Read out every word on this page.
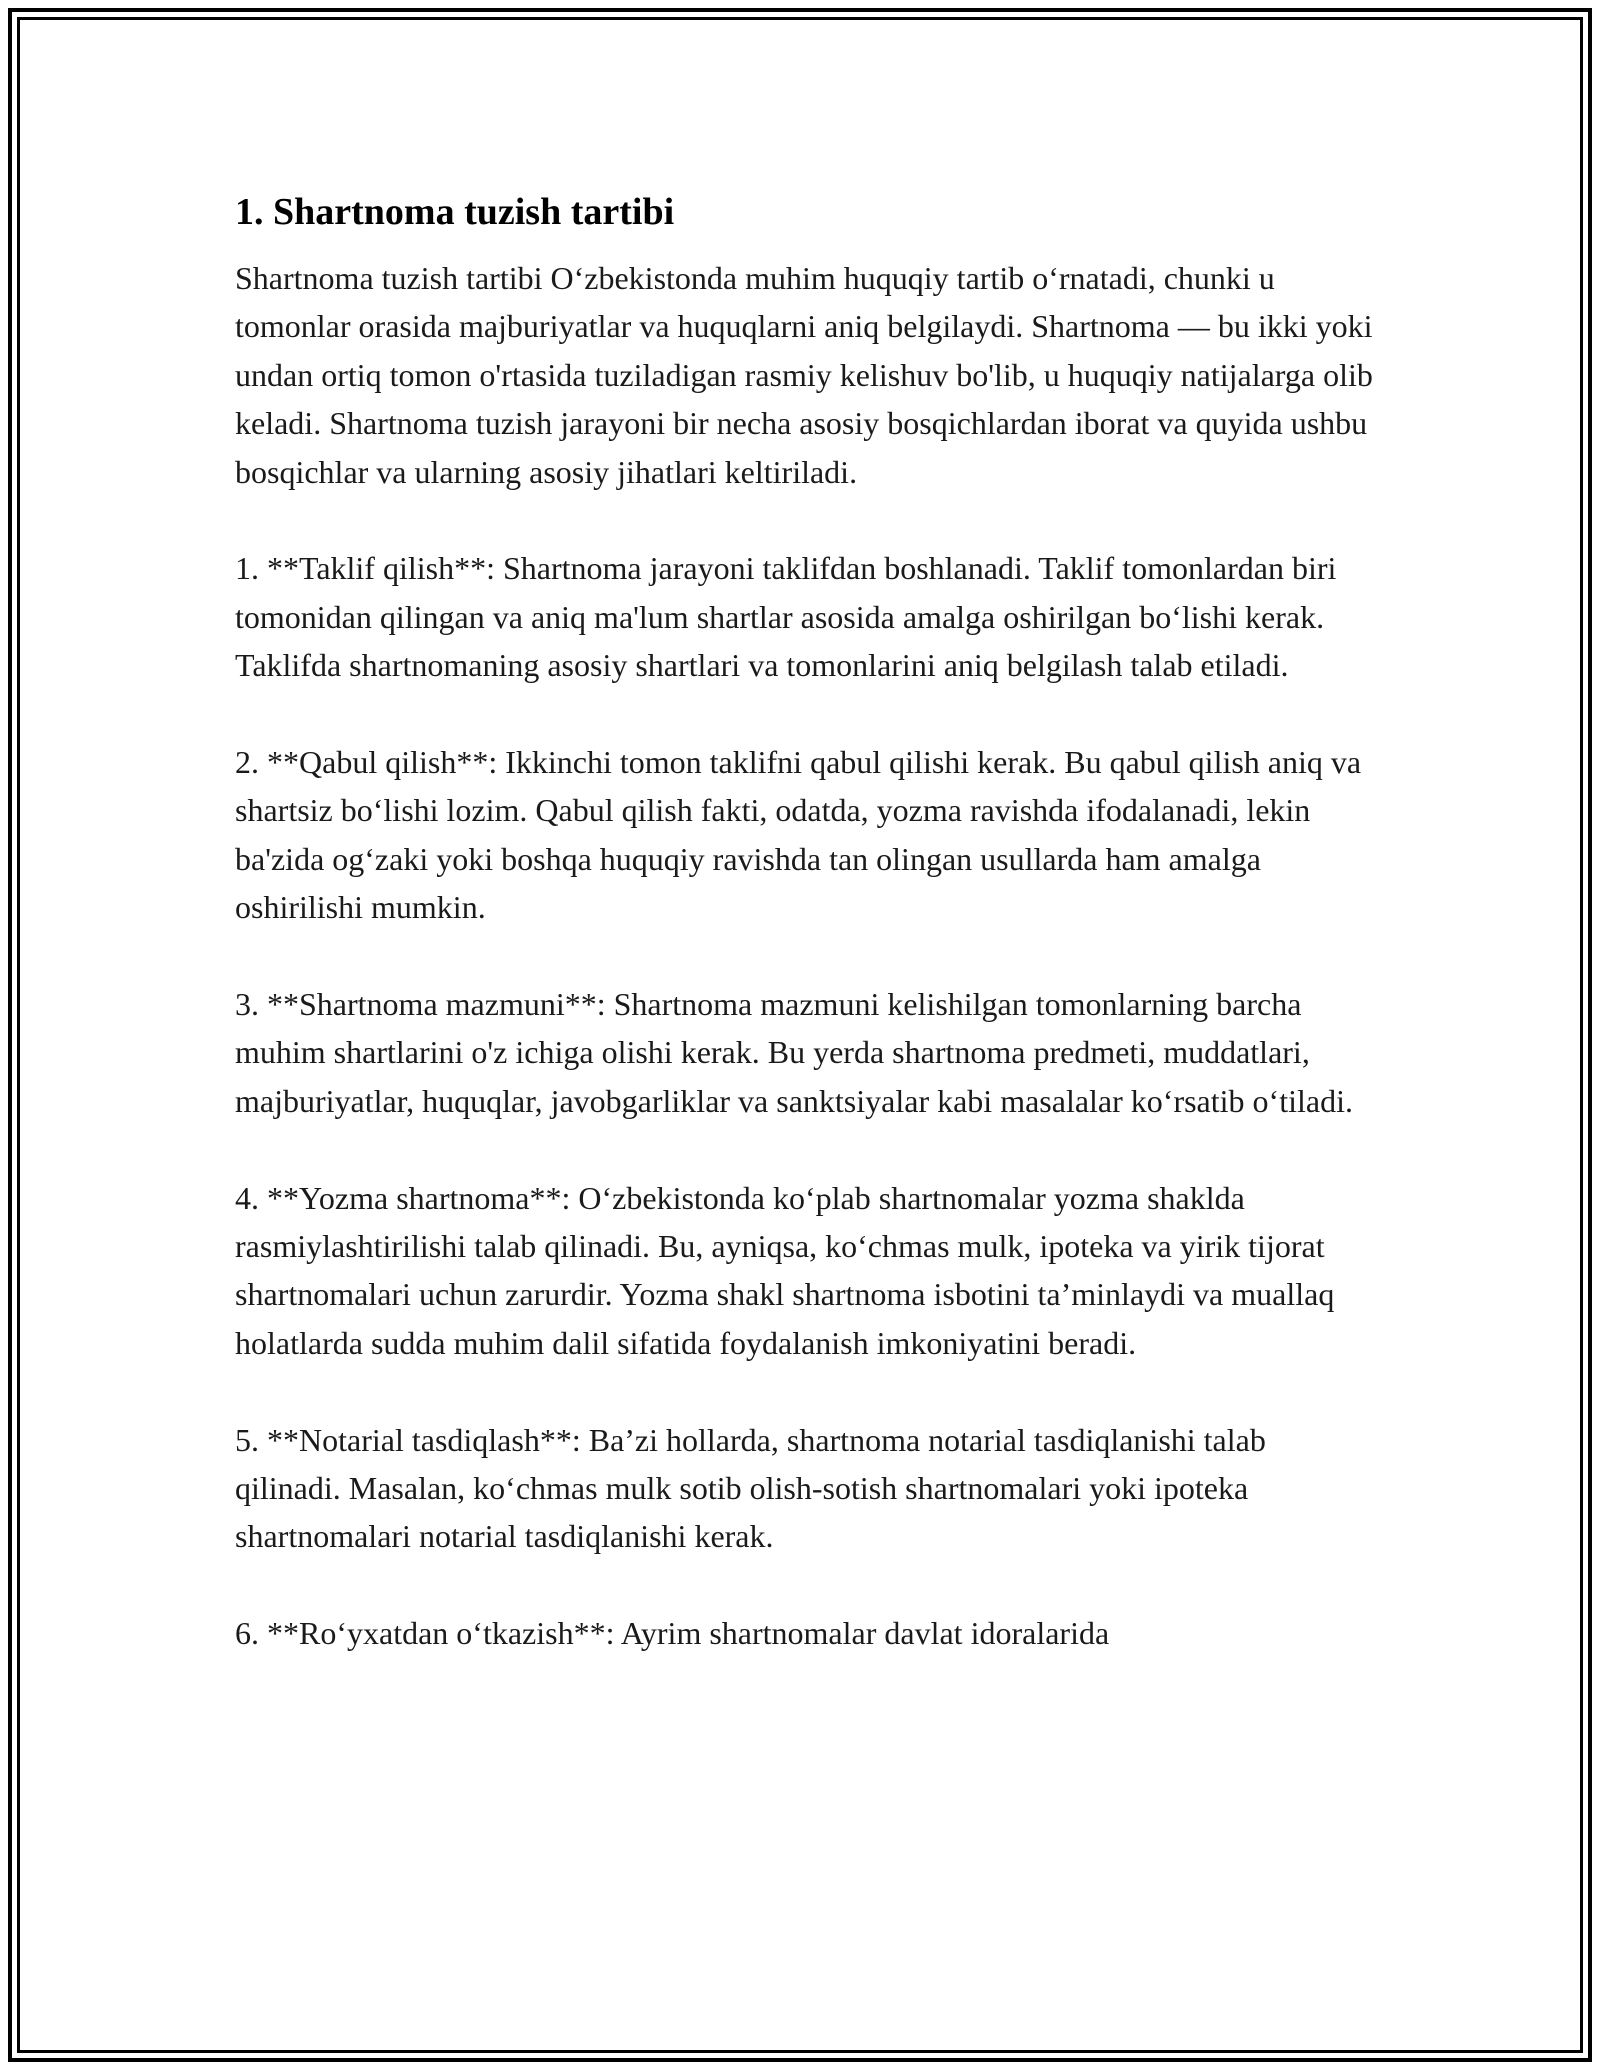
1. Shartnoma tuzish tartibi

Shartnoma tuzish tartibi O‘zbekistonda muhim huquqiy tartib o‘rnatadi, chunki u tomonlar orasida majburiyatlar va huquqlarni aniq belgilaydi. Shartnoma — bu ikki yoki undan ortiq tomon o'rtasida tuziladigan rasmiy kelishuv bo'lib, u huquqiy natijalarga olib keladi. Shartnoma tuzish jarayoni bir necha asosiy bosqichlardan iborat va quyida ushbu bosqichlar va ularning asosiy jihatlari keltiriladi.

1. **Taklif qilish**: Shartnoma jarayoni taklifdan boshlanadi. Taklif tomonlardan biri tomonidan qilingan va aniq ma'lum shartlar asosida amalga oshirilgan bo‘lishi kerak. Taklifda shartnomaning asosiy shartlari va tomonlarini aniq belgilash talab etiladi.

2. **Qabul qilish**: Ikkinchi tomon taklifni qabul qilishi kerak. Bu qabul qilish aniq va shartsiz bo‘lishi lozim. Qabul qilish fakti, odatda, yozma ravishda ifodalanadi, lekin ba'zida og‘zaki yoki boshqa huquqiy ravishda tan olingan usullarda ham amalga oshirilishi mumkin.

3. **Shartnoma mazmuni**: Shartnoma mazmuni kelishilgan tomonlarning barcha muhim shartlarini o'z ichiga olishi kerak. Bu yerda shartnoma predmeti, muddatlari, majburiyatlar, huquqlar, javobgarliklar va sanktsiyalar kabi masalalar ko‘rsatib o‘tiladi.

4. **Yozma shartnoma**: O‘zbekistonda ko‘plab shartnomalar yozma shaklda rasmiylashtirilishi talab qilinadi. Bu, ayniqsa, ko‘chmas mulk, ipoteka va yirik tijorat shartnomalari uchun zarurdir. Yozma shakl shartnoma isbotini ta’minlaydi va muallaq holatlarda sudda muhim dalil sifatida foydalanish imkoniyatini beradi.

5. **Notarial tasdiqlash**: Ba’zi hollarda, shartnoma notarial tasdiqlanishi talab qilinadi. Masalan, ko‘chmas mulk sotib olish-sotish shartnomalari yoki ipoteka shartnomalari notarial tasdiqlanishi kerak.

6. **Ro‘yxatdan o‘tkazish**: Ayrim shartnomalar davlat idoralarida
